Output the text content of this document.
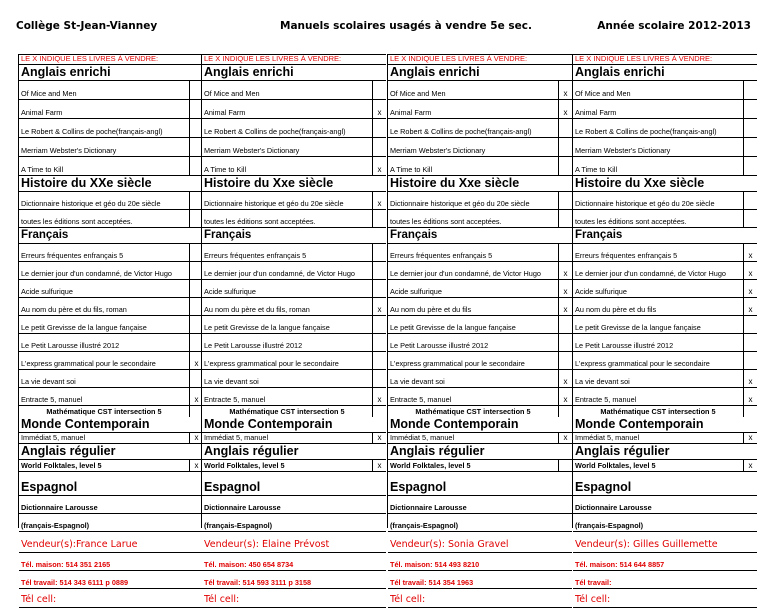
Collège St-Jean-Vianney	Manuels scolaires usagés à vendre 5e sec.	Année scolaire 2012-2013
LE X INDIQUE LES LIVRES À VENDRE:
Anglais enrichi
Of Mice and Men
Animal Farm
Le Robert & Collins de poche(français-angl)
Merriam Webster's Dictionary
A Time to Kill
Histoire du XXe siècle
Dictionnaire historique et géo du 20e siècle
toutes les éditions sont acceptées.
Français
Erreurs fréquentes enfrançais 5
Le dernier jour d'un condamné, de Victor Hugo
Acide sulfurique
Au nom du père et du fils, roman
Le petit Grevisse de la langue fançaise
Le Petit Larousse illustré 2012
L'express grammatical pour le secondaire	x
La vie devant soi
Entracte 5, manuel	x
Mathématique CST intersection 5
Monde Contemporain
Immédiat 5, manuel	x
Anglais régulier
World Folktales, level 5	x
Espagnol
Dictionnaire Larousse
(français-Espagnol)
Vendeur(s):France Larue
Tél. maison: 514 351 2165
Tél travail: 514 343 6111 p 0889
Tél cell:
LE X INDIQUE LES LIVRES À VENDRE:
Anglais enrichi
Of Mice and Men
Animal Farm	x
Le Robert & Collins de poche(français-angl)
Merriam Webster's Dictionary
A Time to Kill	x
Histoire du Xxe siècle
Dictionnaire historique et géo du 20e siècle	x
toutes les éditions sont acceptées.
Français
Erreurs fréquentes enfrançais 5
Le dernier jour d'un condamné, de Victor Hugo
Acide sulfurique
Au nom du père et du fils, roman	x
Le petit Grevisse de la langue fançaise
Le Petit Larousse illustré 2012
L'express grammatical pour le secondaire
La vie devant soi
Entracte 5, manuel	x
Mathématique CST intersection 5
Monde Contemporain
Immédiat 5, manuel	x
Anglais régulier
World Folktales, level 5	x
Espagnol
Dictionnaire Larousse
(français-Espagnol)
Vendeur(s): Élaine Prévost
Tél. maison: 450 654 8734
Tél travail: 514 593 3111 p 3158
Tél cell:
LE X INDIQUE LES LIVRES À VENDRE:
Anglais enrichi
Of Mice and Men	x
Animal Farm	x
Le Robert & Collins de poche(français-angl)
Merriam Webster's Dictionary
A Time to Kill
Histoire du Xxe siècle
Dictionnaire historique et géo du 20e siècle
toutes les éditions sont acceptées.
Français
Erreurs fréquentes enfrançais 5
Le dernier jour d'un condamné, de Victor Hugo	x
Acide sulfurique	x
Au nom du père et du fils	x
Le petit Grevisse de la langue fançaise
Le Petit Larousse illustré 2012
L'express grammatical pour le secondaire
La vie devant soi	x
Entracte 5, manuel	x
Mathématique CST intersection 5
Monde Contemporain
Immédiat 5, manuel	x
Anglais régulier
World Folktales, level 5
Espagnol
Dictionnaire Larousse
(français-Espagnol)
Vendeur(s): Sonia Gravel
Tél. maison: 514 493 8210
Tél travail: 514 354 1963
Tél cell:
LE X INDIQUE LES LIVRES À VENDRE:
Anglais enrichi
Of Mice and Men
Animal Farm
Le Robert & Collins de poche(français-angl)
Merriam Webster's Dictionary
A Time to Kill
Histoire du Xxe siècle
Dictionnaire historique et géo du 20e siècle
toutes les éditions sont acceptées.
Français
Erreurs fréquentes enfrançais 5	x
Le dernier jour d'un condamné, de Victor Hugo	x
Acide sulfurique	x
Au nom du père et du fils	x
Le petit Grevisse de la langue fançaise
Le Petit Larousse illustré 2012
L'express grammatical pour le secondaire
La vie devant soi	x
Entracte 5, manuel	x
Mathématique CST intersection 5
Monde Contemporain
Immédiat 5, manuel	x
Anglais régulier
World Folktales, level 5	x
Espagnol
Dictionnaire Larousse
(français-Espagnol)
Vendeur(s): Gilles Guillemette
Tél. maison: 514 644 8857
Tél travail:
Tél cell:
